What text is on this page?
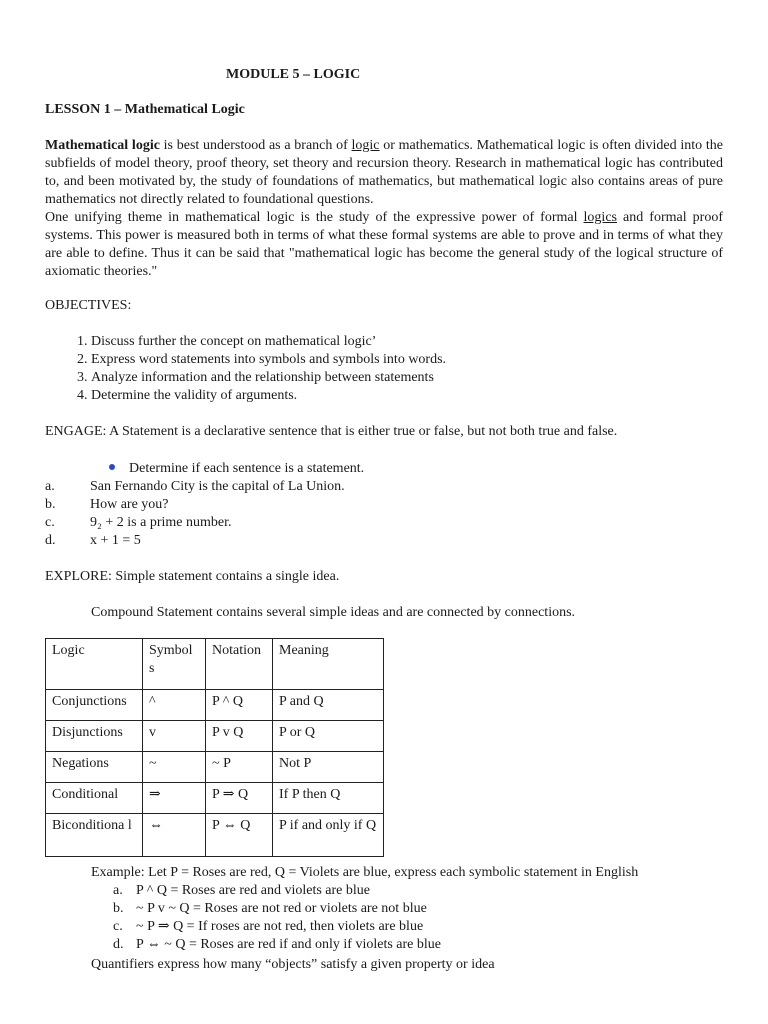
MODULE 5 – LOGIC
LESSON 1 – Mathematical Logic
Mathematical logic is best understood as a branch of logic or mathematics. Mathematical logic is often divided into the subfields of model theory, proof theory, set theory and recursion theory. Research in mathematical logic has contributed to, and been motivated by, the study of foundations of mathematics, but mathematical logic also contains areas of pure mathematics not directly related to foundational questions.
One unifying theme in mathematical logic is the study of the expressive power of formal logics and formal proof systems. This power is measured both in terms of what these formal systems are able to prove and in terms of what they are able to define. Thus it can be said that "mathematical logic has become the general study of the logical structure of axiomatic theories."
OBJECTIVES:
1. Discuss further the concept on mathematical logic’
2. Express word statements into symbols and symbols into words.
3. Analyze information and the relationship between statements
4. Determine the validity of arguments.
ENGAGE: A Statement is a declarative sentence that is either true or false, but not both true and false.
Determine if each sentence is a statement.
a.	San Fernando City is the capital of La Union.
b. How are you?
c.	9₂ + 2 is a prime number.
d. x + 1 = 5
EXPLORE: Simple statement contains a single idea.
Compound Statement contains several simple ideas and are connected by connections.
Logic	Symbol s	Notation	Meaning
Conjunctions	^	P ^ Q	P and Q
Disjunctions	v	P v Q	P or Q
Negations	~	~ P	Not P
Conditional	⇒	P ⇒ Q	If P then Q
Biconditiona l	⇔	P ⇔ Q	P if and only if Q
Example: Let P = Roses are red, Q = Violets are blue, express each symbolic statement in English
a. P ^ Q = Roses are red and violets are blue
b. ~ P v ~ Q = Roses are not red or violets are not blue
c. ~ P ⇒ Q = If roses are not red, then violets are blue
d. P ⇔ ~ Q = Roses are red if and only if violets are blue
Quantifiers express how many “objects” satisfy a given property or idea
